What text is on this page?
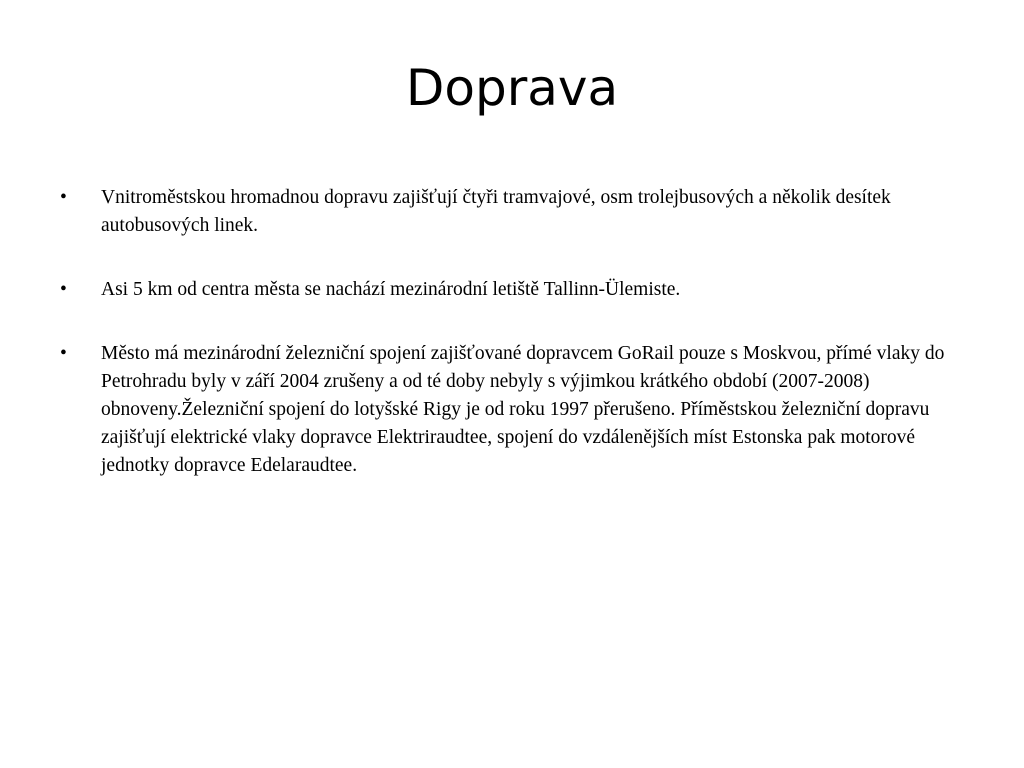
Doprava
• Vnitroměstskou hromadnou dopravu zajišťují čtyři tramvajové, osm trolejbusových a několik desítek autobusových linek.
• Asi 5 km od centra města se nachází mezinárodní letiště Tallinn-Ülemiste.
• Město má mezinárodní železniční spojení zajišťované dopravcem GoRail pouze s Moskvou, přímé vlaky do Petrohradu byly v září 2004 zrušeny a od té doby nebyly s výjimkou krátkého období (2007-2008) obnoveny.Železniční spojení do lotyšské Rigy je od roku 1997 přerušeno. Příměstskou železniční dopravu zajišťují elektrické vlaky dopravce Elektriraudtee, spojení do vzdálenějších míst Estonska pak motorové jednotky dopravce Edelaraudtee.
